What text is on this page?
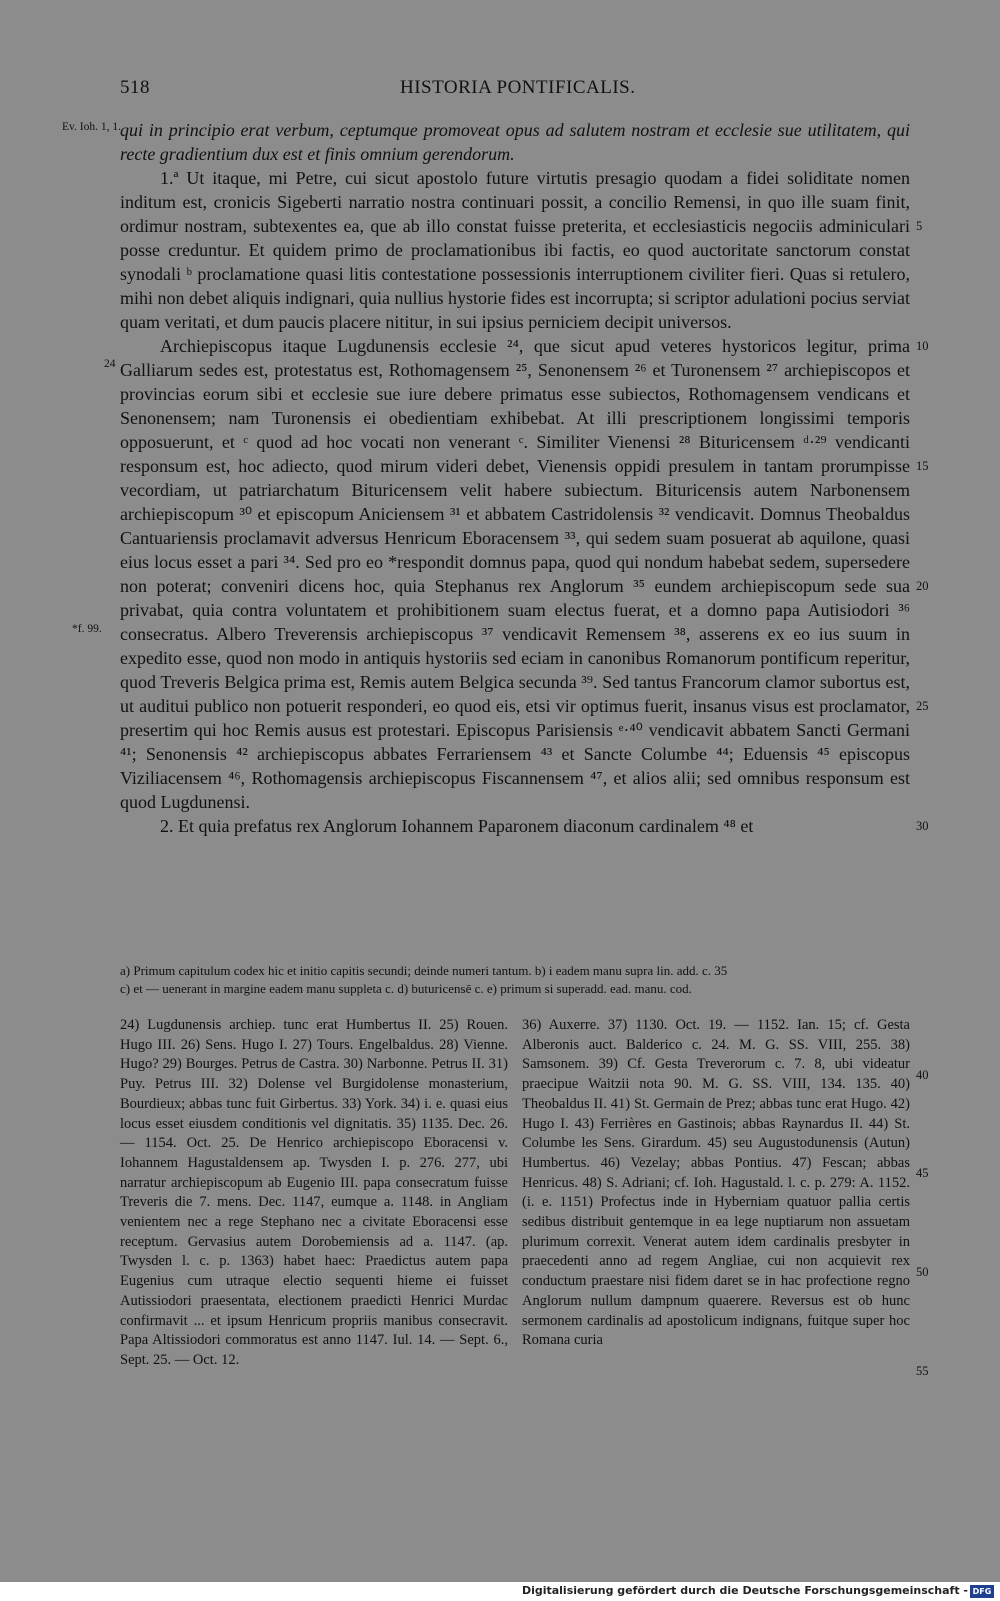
518	HISTORIA PONTIFICALIS.
Ev. Ioh. 1, 1.
24
*f. 99.
5
10
15
20
25
30

qui in principio erat verbum, ceptumque promoveat opus ad salutem nostram et ecclesie sue utilitatem, qui recte gradientium dux est et finis omnium gerendorum.

1.ª Ut itaque, mi Petre, cui sicut apostolo future virtutis presagio quodam a fidei soliditate nomen inditum est, cronicis Sigeberti narratio nostra continuari possit, a concilio Remensi, in quo ille suam finit, ordimur nostram, subtexentes ea, que ab illo constat fuisse preterita, et ecclesiasticis negociis adminiculari posse creduntur. Et quidem primo de proclamationibus ibi factis, eo quod auctoritate sanctorum constat synodali ᵇ proclamatione quasi litis contestatione possessionis interruptionem civiliter fieri. Quas si retulero, mihi non debet aliquis indignari, quia nullius hystorie fides est incorrupta; si scriptor adulationi pocius serviat quam veritati, et dum paucis placere nititur, in sui ipsius perniciem decipit universos.

Archiepiscopus itaque Lugdunensis ecclesie ²⁴, que sicut apud veteres hystoricos legitur, prima Galliarum sedes est, protestatus est, Rothomagensem ²⁵, Senonensem ²⁶ et Turonensem ²⁷ archiepiscopos et provincias eorum sibi et ecclesie sue iure debere primatus esse subiectos, Rothomagensem vendicans et Senonensem; nam Turonensis ei obedientiam exhibebat. At illi prescriptionem longissimi temporis opposuerunt, et ᶜ quod ad hoc vocati non venerant ᶜ. Similiter Vienensi ²⁸ Bituricensem ᵈ·²⁹ vendicanti responsum est, hoc adiecto, quod mirum videri debet, Vienensis oppidi presulem in tantam prorumpisse vecordiam, ut patriarchatum Bituricensem velit habere subiectum. Bituricensis autem Narbonensem archiepiscopum ³⁰ et episcopum Aniciensem ³¹ et abbatem Castridolensis ³² vendicavit. Domnus Theobaldus Cantuariensis proclamavit adversus Henricum Eboracensem ³³, qui sedem suam posuerat ab aquilone, quasi eius locus esset a pari ³⁴. Sed pro eo *respondit domnus papa, quod qui nondum habebat sedem, supersedere non poterat; conveniri dicens hoc, quia Stephanus rex Anglorum ³⁵ eundem archiepiscopum sede sua privabat, quia contra voluntatem et prohibitionem suam electus fuerat, et a domno papa Autisiodori ³⁶ consecratus. Albero Treverensis archiepiscopus ³⁷ vendicavit Remensem ³⁸, asserens ex eo ius suum in expedito esse, quod non modo in antiquis hystoriis sed eciam in canonibus Romanorum pontificum reperitur, quod Treveris Belgica prima est, Remis autem Belgica secunda ³⁹. Sed tantus Francorum clamor subortus est, ut auditui publico non potuerit responderi, eo quod eis, etsi vir optimus fuerit, insanus visus est proclamator, presertim qui hoc Remis ausus est protestari. Episcopus Parisiensis ᵉ·⁴⁰ vendicavit abbatem Sancti Germani ⁴¹; Senonensis ⁴² archiepiscopus abbates Ferrariensem ⁴³ et Sancte Columbe ⁴⁴; Eduensis ⁴⁵ episcopus Viziliacensem ⁴⁶, Rothomagensis archiepiscopus Fiscannensem ⁴⁷, et alios alii; sed omnibus responsum est quod Lugdunensi.

2. Et quia prefatus rex Anglorum Iohannem Paparonem diaconum cardinalem ⁴⁸ et

a) Primum capitulum codex hic et initio capitis secundi; deinde numeri tantum. b) i eadem manu supra lin. add. c. 35

c) et — uenerant in margine eadem manu suppleta c. d) buturicensē c. e) primum si superadd. ead. manu. cod.

24) Lugdunensis archiep. tunc erat Humbertus II. 25) Rouen. Hugo III. 26) Sens. Hugo I. 27) Tours. Engelbaldus. 28) Vienne. Hugo? 29) Bourges. Petrus de Castra. 30) Narbonne. Petrus II. 31) Puy. Petrus III. 32) Dolense vel Burgidolense monasterium, Bourdieux; abbas tunc fuit Girbertus. 33) York. 34) i. e. quasi eius locus esset eiusdem conditionis vel dignitatis. 35) 1135. Dec. 26. — 1154. Oct. 25. De Henrico archiepiscopo Eboracensi v. Iohannem Hagustaldensem ap. Twysden I. p. 276. 277, ubi narratur archiepiscopum ab Eugenio III. papa consecratum fuisse Treveris die 7. mens. Dec. 1147, eumque a. 1148. in Angliam venientem nec a rege Stephano nec a civitate Eboracensi esse receptum. Gervasius autem Dorobemiensis ad a. 1147. (ap. Twysden l. c. p. 1363) habet haec: Praedictus autem papa Eugenius cum utraque electio sequenti hieme ei fuisset Autissiodori praesentata, electionem praedicti Henrici Murdac confirmavit ... et ipsum Henricum propriis manibus consecravit. Papa Altissiodori commoratus est anno 1147. Iul. 14. — Sept. 6., Sept. 25. — Oct. 12.

36) Auxerre. 37) 1130. Oct. 19. — 1152. Ian. 15; cf. Gesta Alberonis auct. Balderico c. 24. M. G. SS. VIII, 255. 38) Samsonem. 39) Cf. Gesta Treverorum c. 7. 8, ubi videatur praecipue Waitzii nota 90. M. G. SS. VIII, 134. 135. 40) Theobaldus II. 41) St. Germain de Prez; abbas tunc erat Hugo. 42) Hugo I. 43) Ferrières en Gastinois; abbas Raynardus II. 44) St. Columbe les Sens. Girardum. 45) seu Augustodunensis (Autun) Humbertus. 46) Vezelay; abbas Pontius. 47) Fescan; abbas Henricus. 48) S. Adriani; cf. Ioh. Hagustald. l. c. p. 279: A. 1152. (i. e. 1151) Profectus inde in Hyberniam quatuor pallia certis sedibus distribuit gentemque in ea lege nuptiarum non assuetam plurimum correxit. Venerat autem idem cardinalis presbyter in praecedenti anno ad regem Angliae, cui non acquievit rex conductum praestare nisi fidem daret se in hac profectione regno Anglorum nullum dampnum quaerere. Reversus est ob hunc sermonem cardinalis ad apostolicum indignans, fuitque super hoc Romana curia

40
45
50
55
Digitalisierung gefördert durch die Deutsche Forschungsgemeinschaft - DFG
